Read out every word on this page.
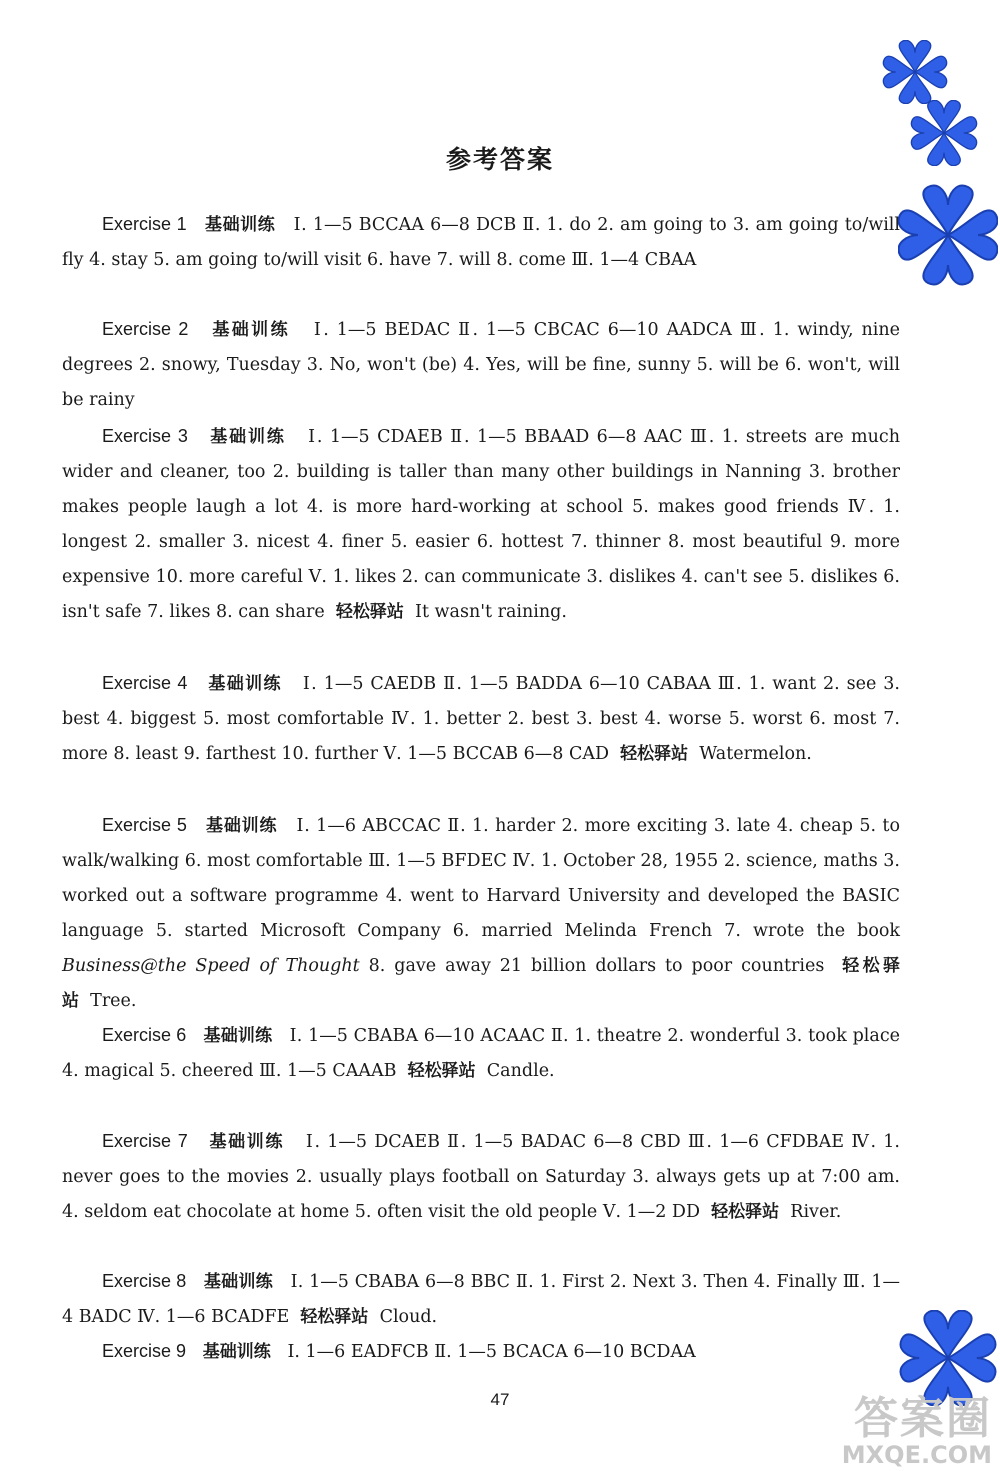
参考答案
Exercise 1 基础训练 Ⅰ. 1—5 BCCAA 6—8 DCB Ⅱ. 1. do 2. am going to 3. am going to/will fly 4. stay 5. am going to/will visit 6. have 7. will 8. come Ⅲ. 1—4 CBAA
Exercise 2 基础训练 Ⅰ. 1—5 BEDAC Ⅱ. 1—5 CBCAC 6—10 AADCA Ⅲ. 1. windy, nine degrees 2. snowy, Tuesday 3. No, won't (be) 4. Yes, will be fine, sunny 5. will be 6. won't, will be rainy
Exercise 3 基础训练 Ⅰ. 1—5 CDAEB Ⅱ. 1—5 BBAAD 6—8 AAC Ⅲ. 1. streets are much wider and cleaner, too 2. building is taller than many other buildings in Nanning 3. brother makes people laugh a lot 4. is more hard-working at school 5. makes good friends Ⅳ. 1. longest 2. smaller 3. nicest 4. finer 5. easier 6. hottest 7. thinner 8. most beautiful 9. more expensive 10. more careful Ⅴ. 1. likes 2. can communicate 3. dislikes 4. can't see 5. dislikes 6. isn't safe 7. likes 8. can share 轻松驿站 It wasn't raining.
Exercise 4 基础训练 Ⅰ. 1—5 CAEDB Ⅱ. 1—5 BADDA 6—10 CABAA Ⅲ. 1. want 2. see 3. best 4. biggest 5. most comfortable Ⅳ. 1. better 2. best 3. best 4. worse 5. worst 6. most 7. more 8. least 9. farthest 10. further Ⅴ. 1—5 BCCAB 6—8 CAD 轻松驿站 Watermelon.
Exercise 5 基础训练 Ⅰ. 1—6 ABCCAC Ⅱ. 1. harder 2. more exciting 3. late 4. cheap 5. to walk/walking 6. most comfortable Ⅲ. 1—5 BFDEC Ⅳ. 1. October 28, 1955 2. science, maths 3. worked out a software programme 4. went to Harvard University and developed the BASIC language 5. started Microsoft Company 6. married Melinda French 7. wrote the book Business@the Speed of Thought 8. gave away 21 billion dollars to poor countries 轻松驿站 Tree.
Exercise 6 基础训练 Ⅰ. 1—5 CBABA 6—10 ACAAC Ⅱ. 1. theatre 2. wonderful 3. took place 4. magical 5. cheered Ⅲ. 1—5 CAAAB 轻松驿站 Candle.
Exercise 7 基础训练 Ⅰ. 1—5 DCAEB Ⅱ. 1—5 BADAC 6—8 CBD Ⅲ. 1—6 CFDBAE Ⅳ. 1. never goes to the movies 2. usually plays football on Saturday 3. always gets up at 7:00 am. 4. seldom eat chocolate at home 5. often visit the old people Ⅴ. 1—2 DD 轻松驿站 River.
Exercise 8 基础训练 Ⅰ. 1—5 CBABA 6—8 BBC Ⅱ. 1. First 2. Next 3. Then 4. Finally Ⅲ. 1—4 BADC Ⅳ. 1—6 BCADFE 轻松驿站 Cloud.
Exercise 9 基础训练 Ⅰ. 1—6 EADFCB Ⅱ. 1—5 BCACA 6—10 BCDAA
47	答案圈
MXQE.COM
